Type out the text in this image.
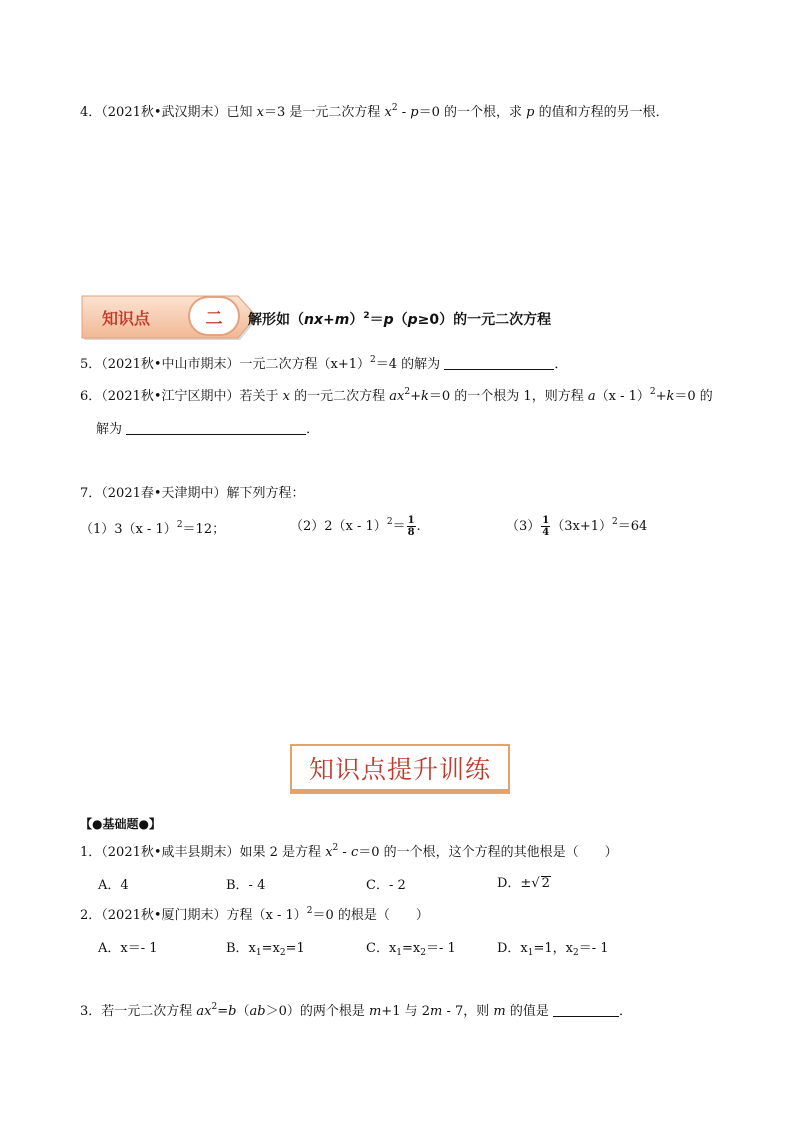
4．（2021秋•武汉期末）已知 x＝3 是一元二次方程 $x^2 - p=0$ 的一个根，求 p 的值和方程的另一根．
知识点	二 解形如$(nx+m)^2=p(p\ge 0)$的一元二次方程
5．（2021秋•中山市期末）一元二次方程$(x+1)^2=4$ 的解为	．
6．（2021秋•江宁区期中）若关于 x 的一元二次方程 $ax^2+k=0$ 的一个根为 1，则方程 a（x - 1）$^2$+k＝0 的
解为	．
7．（2021春•天津期中）解下列方程：
（1）3（x - 1）$^2$＝12；	$(2)2(x - 1)^2= \frac{1}{8}$ .	$(3) \frac{1}{4} (3x+1)^2=64$
知识点提升训练
【●基础题●】
1．（2021秋•咸丰县期末）如果 2 是方程 $x^2 - c=0$ 的一个根，这个方程的其他根是（　　）
A．4	B．- 4	C．- 2	D．±√ 2
2．（2021秋•厦门期末）方程（x - 1）$^2$＝0 的根是（　　）
A．x＝- 1	B．$x_1=x_2=1$	C．$x_1=x_2=-$ 1	D．$x_1=1$，$x_2=-$ 1
3．若一元二次方程 $ax^2=b(ab>0)$的两个根是 m+1 与 2m - 7，则 m 的值是	．
